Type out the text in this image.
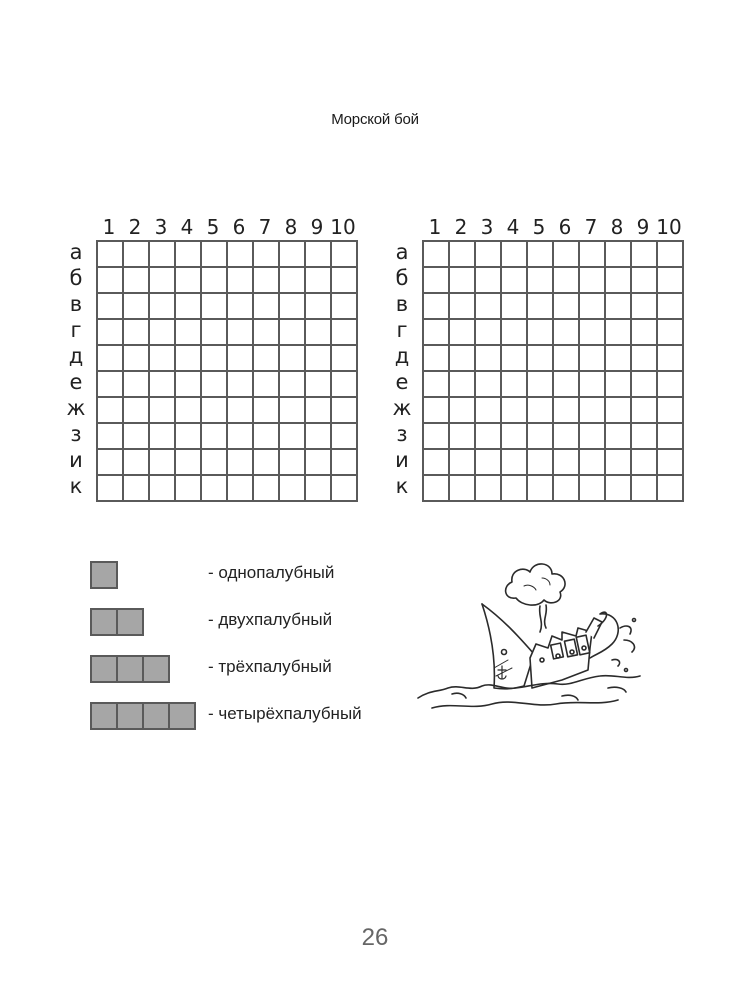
Морской бой
1 2 3 4 5 6 7 8 9 10
а
б
в
г
д
е
ж
з
и
к
1 2 3 4 5 6 7 8 9 10
а
б
в
г
д
е
ж
з
и
к
- однопалубный
- двухпалубный
- трёхпалубный
- четырёхпалубный
26
